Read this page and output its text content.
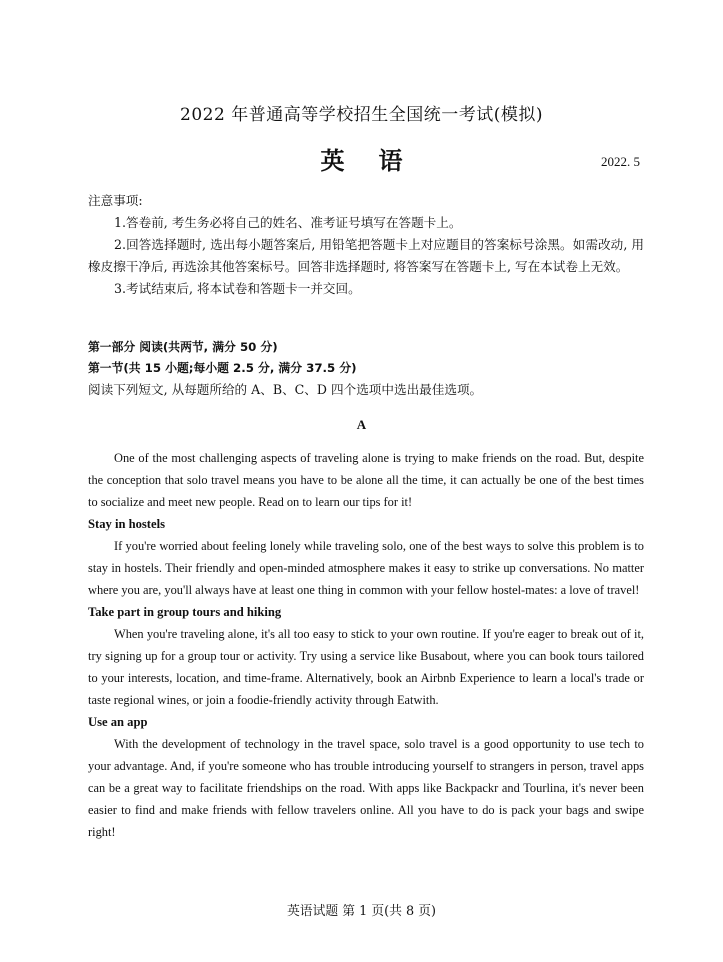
2022 年普通高等学校招生全国统一考试(模拟)
英语	2022. 5

注意事项:

1.答卷前, 考生务必将自己的姓名、准考证号填写在答题卡上。

2.回答选择题时, 选出每小题答案后, 用铅笔把答题卡上对应题目的答案标号涂黑。如需改动, 用橡皮擦干净后, 再选涂其他答案标号。回答非选择题时, 将答案写在答题卡上, 写在本试卷上无效。

3.考试结束后, 将本试卷和答题卡一并交回。

第一部分 阅读(共两节, 满分 50 分)
第一节(共 15 小题;每小题 2.5 分, 满分 37.5 分)
阅读下列短文, 从每题所给的 A、B、C、D 四个选项中选出最佳选项。
A

One of the most challenging aspects of traveling alone is trying to make friends on the road. But, despite the conception that solo travel means you have to be alone all the time, it can actually be one of the best times to socialize and meet new people. Read on to learn our tips for it!

Stay in hostels

If you're worried about feeling lonely while traveling solo, one of the best ways to solve this problem is to stay in hostels. Their friendly and open-minded atmosphere makes it easy to strike up conversations. No matter where you are, you'll always have at least one thing in common with your fellow hostel-mates: a love of travel!

Take part in group tours and hiking

When you're traveling alone, it's all too easy to stick to your own routine. If you're eager to break out of it, try signing up for a group tour or activity. Try using a service like Busabout, where you can book tours tailored to your interests, location, and time-frame. Alternatively, book an Airbnb Experience to learn a local's trade or taste regional wines, or join a foodie-friendly activity through Eatwith.

Use an app

With the development of technology in the travel space, solo travel is a good opportunity to use tech to your advantage. And, if you're someone who has trouble introducing yourself to strangers in person, travel apps can be a great way to facilitate friendships on the road. With apps like Backpackr and Tourlina, it's never been easier to find and make friends with fellow travelers online. All you have to do is pack your bags and swipe right!

英语试题 第 1 页(共 8 页)
